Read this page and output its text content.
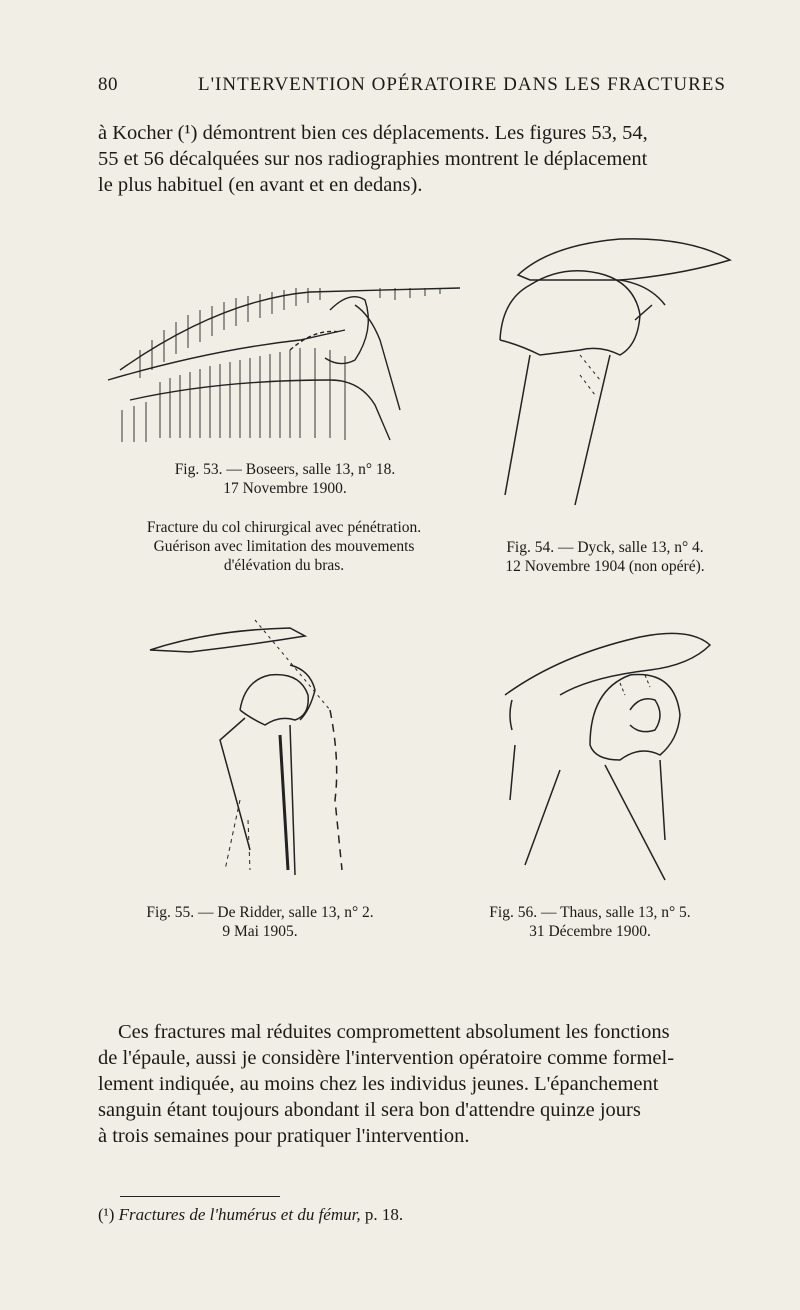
80	L'INTERVENTION OPÉRATOIRE DANS LES FRACTURES

à Kocher (¹) démontrent bien ces déplacements. Les figures 53, 54,

55 et 56 décalquées sur nos radiographies montrent le déplacement

le plus habituel (en avant et en dedans).

Fig. 53. — Boseers, salle 13, n° 18.
17 Novembre 1900.
Fracture du col chirurgical avec pénétration.
Guérison avec limitation des mouvements
d'élévation du bras.
Fig. 54. — Dyck, salle 13, n° 4.
12 Novembre 1904 (non opéré).
Fig. 55. — De Ridder, salle 13, n° 2.
9 Mai 1905.
Fig. 56. — Thaus, salle 13, n° 5.
31 Décembre 1900.

Ces fractures mal réduites compromettent absolument les fonctions

de l'épaule, aussi je considère l'intervention opératoire comme formel-

lement indiquée, au moins chez les individus jeunes. L'épanchement

sanguin étant toujours abondant il sera bon d'attendre quinze jours

à trois semaines pour pratiquer l'intervention.

(¹) Fractures de l'humérus et du fémur, p. 18.
